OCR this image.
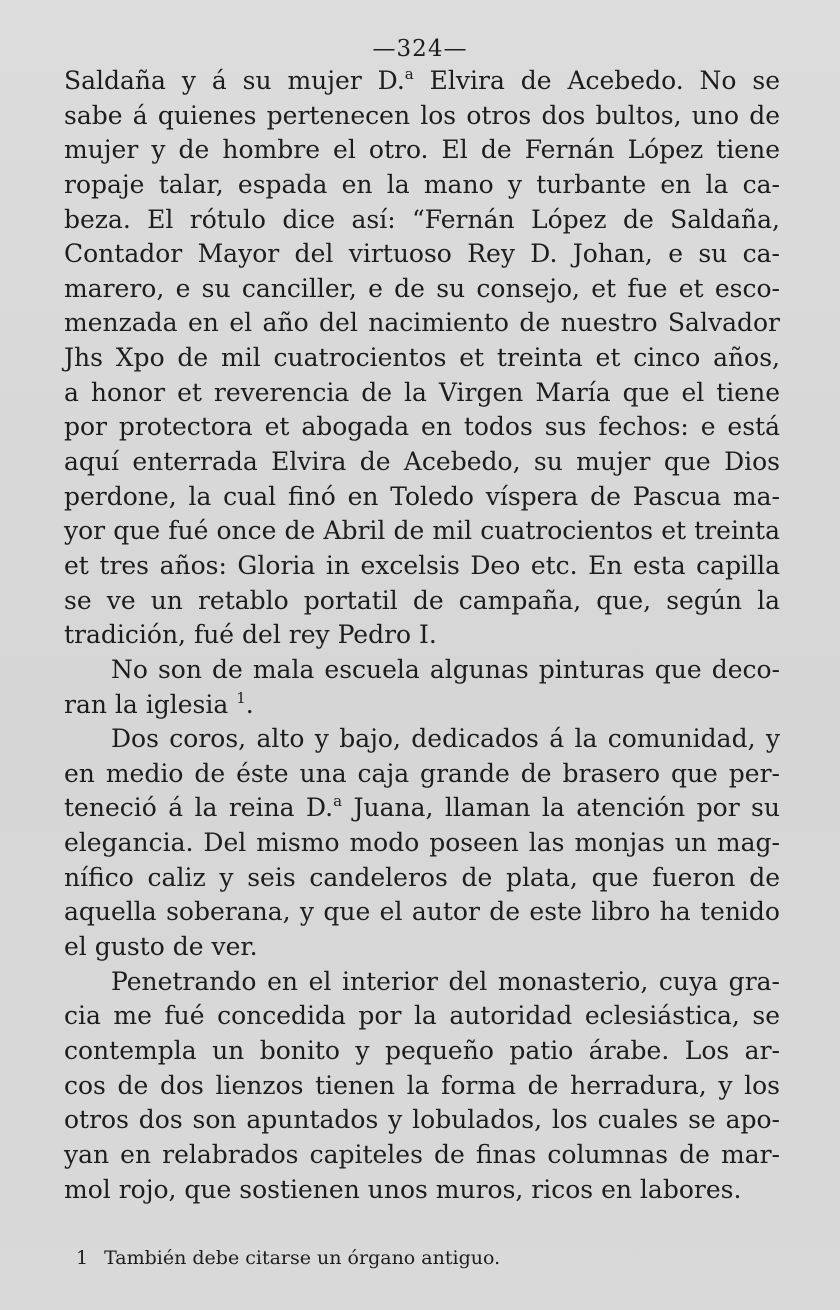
—324—
Saldaña y á su mujer D.$^a$ Elvira de Acebedo. No se
sabe á quienes pertenecen los otros dos bultos, uno de
mujer y de hombre el otro. El de Fernán López tiene
ropaje talar, espada en la mano y turbante en la ca-
beza. El rótulo dice así: “Fernán López de Saldaña,
Contador Mayor del virtuoso Rey D. Johan, e su ca-
marero, e su canciller, e de su consejo, et fue et esco-
menzada en el año del nacimiento de nuestro Salvador
Jhs Xpo de mil cuatrocientos et treinta et cinco años,
a honor et reverencia de la Virgen María que el tiene
por protectora et abogada en todos sus fechos: e está
aquí enterrada Elvira de Acebedo, su mujer que Dios
perdone, la cual finó en Toledo víspera de Pascua ma-
yor que fué once de Abril de mil cuatrocientos et treinta
et tres años: Gloria in excelsis Deo etc. En esta capilla
se ve un retablo portatil de campaña, que, según la
tradición, fué del rey Pedro I.
No son de mala escuela algunas pinturas que deco-
ran la iglesia $^1$.
Dos coros, alto y bajo, dedicados á la comunidad, y
en medio de éste una caja grande de brasero que per-
teneció á la reina D.$^a$ Juana, llaman la atención por su
elegancia. Del mismo modo poseen las monjas un mag-
nífico caliz y seis candeleros de plata, que fueron de
aquella soberana, y que el autor de este libro ha tenido
el gusto de ver.
Penetrando en el interior del monasterio, cuya gra-
cia me fué concedida por la autoridad eclesiástica, se
contempla un bonito y pequeño patio árabe. Los ar-
cos de dos lienzos tienen la forma de herradura, y los
otros dos son apuntados y lobulados, los cuales se apo-
yan en relabrados capiteles de finas columnas de mar-
mol rojo, que sostienen unos muros, ricos en labores.
1 También debe citarse un órgano antiguo.
